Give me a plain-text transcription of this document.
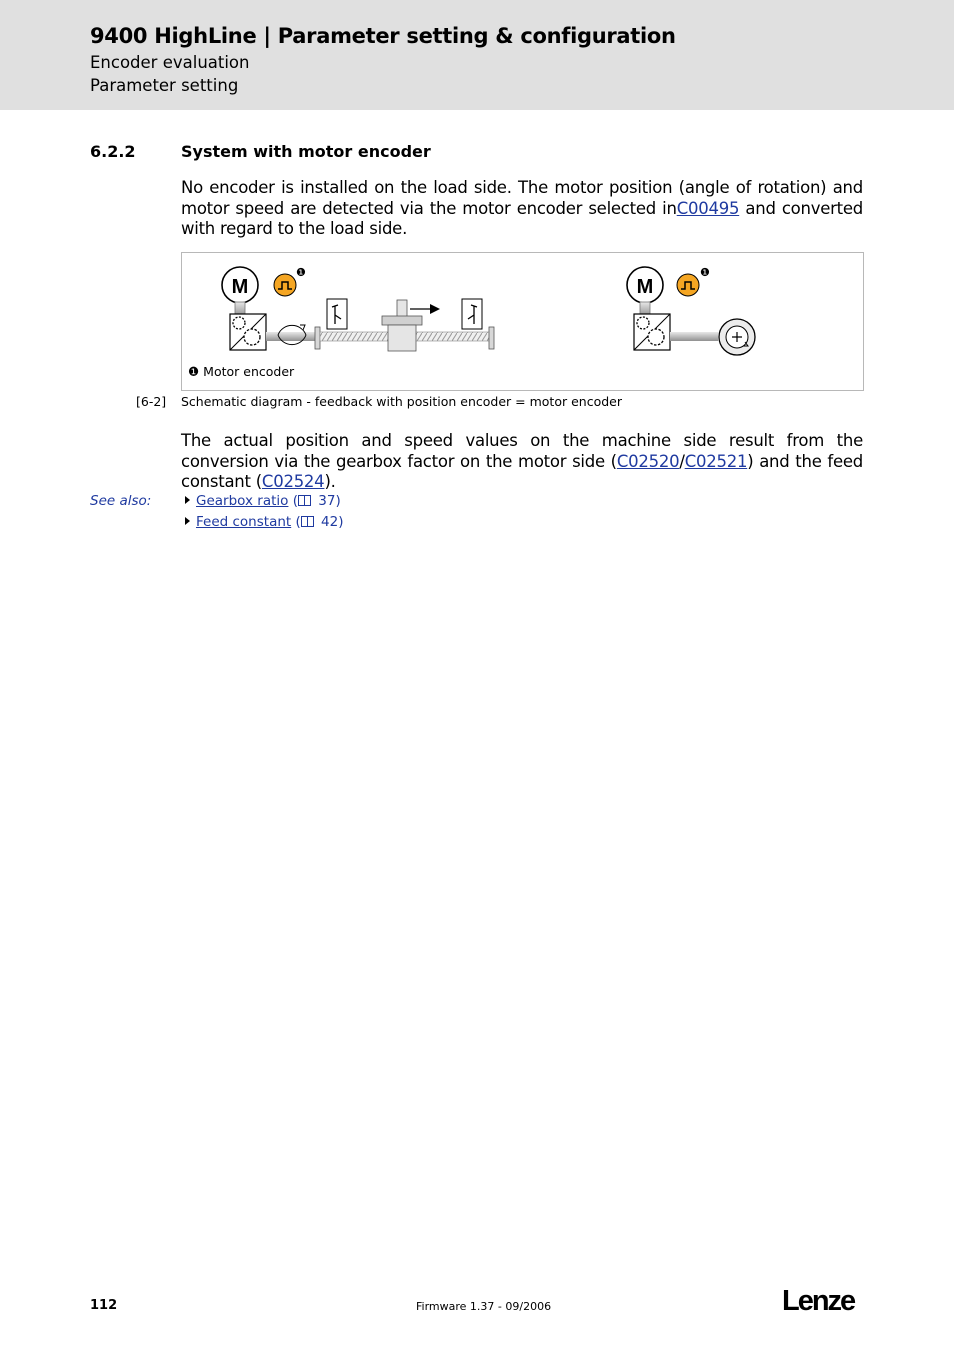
9400 HighLine | Parameter setting & configuration
Encoder evaluation
Parameter setting
6.2.2	System with motor encoder
No encoder is installed on the load side. The motor position (angle of rotation) and motor speed are detected via the motor encoder selected inC00495 and converted with regard to the load side.
M
❶
M
❶
❶ Motor encoder
[6-2] Schematic diagram - feedback with position encoder = motor encoder
The actual position and speed values on the machine side result from the conversion via the gearbox factor on the motor side (C02520/C02521) and the feed constant (C02524).
See also:	Gearbox ratio ( 37)
Feed constant ( 42)
112	Firmware 1.37 - 09/2006	Lenze
